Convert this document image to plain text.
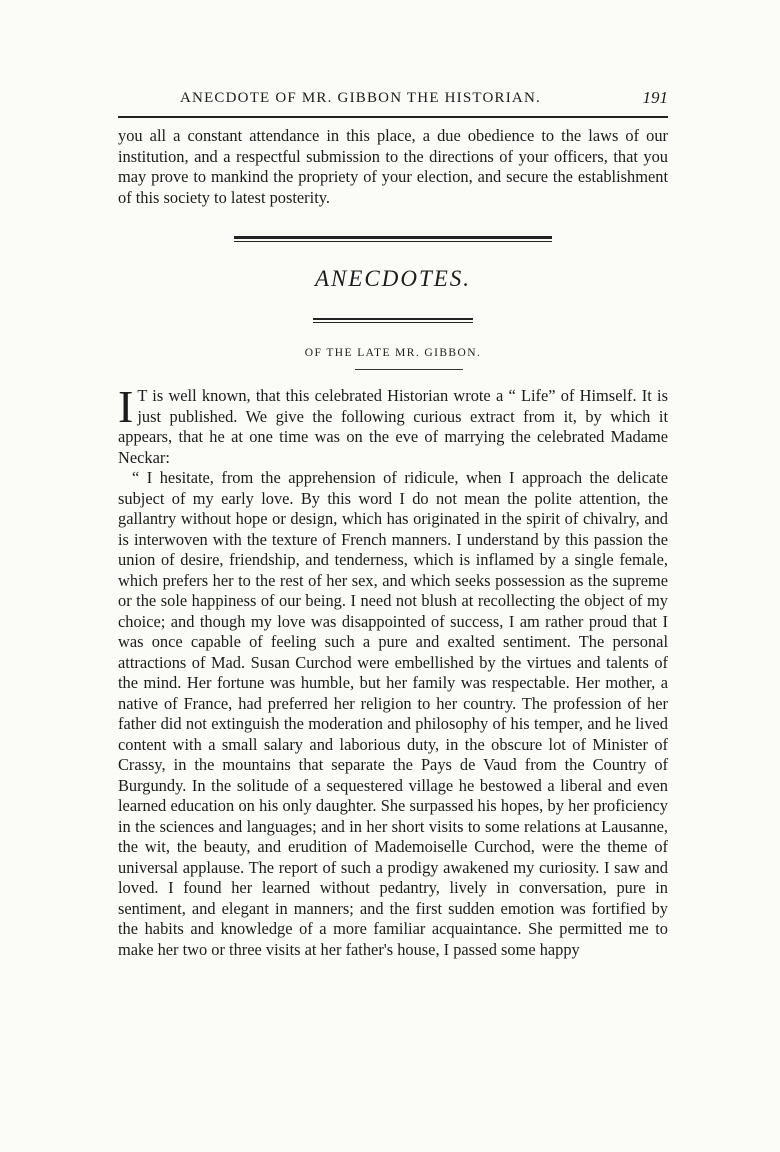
ANECDOTE OF MR. GIBBON THE HISTORIAN.	191

you all a constant attendance in this place, a due obedience to the laws of our institution, and a respectful submission to the directions of your officers, that you may prove to mankind the propriety of your election, and secure the establishment of this society to latest posterity.

ANECDOTES.
OF THE LATE MR. GIBBON.

I T is well known, that this celebrated Historian wrote a “ Life” of Himself. It is just published. We give the following curious extract from it, by which it appears, that he at one time was on the eve of marrying the celebrated Madame Neckar:

“ I hesitate, from the apprehension of ridicule, when I approach the delicate subject of my early love. By this word I do not mean the polite attention, the gallantry without hope or design, which has originated in the spirit of chivalry, and is interwoven with the texture of French manners. I understand by this passion the union of desire, friendship, and tenderness, which is inflamed by a single female, which prefers her to the rest of her sex, and which seeks possession as the supreme or the sole happiness of our being. I need not blush at recollecting the object of my choice; and though my love was disappointed of success, I am rather proud that I was once capable of feeling such a pure and exalted sentiment. The personal attractions of Mad. Susan Curchod were embellished by the virtues and talents of the mind. Her fortune was humble, but her family was respectable. Her mother, a native of France, had preferred her religion to her country. The profession of her father did not extinguish the moderation and philosophy of his temper, and he lived content with a small salary and laborious duty, in the obscure lot of Minister of Crassy, in the mountains that separate the Pays de Vaud from the Country of Burgundy. In the solitude of a sequestered village he bestowed a liberal and even learned education on his only daughter. She surpassed his hopes, by her proficiency in the sciences and languages; and in her short visits to some relations at Lausanne, the wit, the beauty, and erudition of Mademoiselle Curchod, were the theme of universal applause. The report of such a prodigy awakened my curiosity. I saw and loved. I found her learned without pedantry, lively in conversation, pure in sentiment, and elegant in manners; and the first sudden emotion was fortified by the habits and knowledge of a more familiar acquaintance. She permitted me to make her two or three visits at her father's house, I passed some happy
